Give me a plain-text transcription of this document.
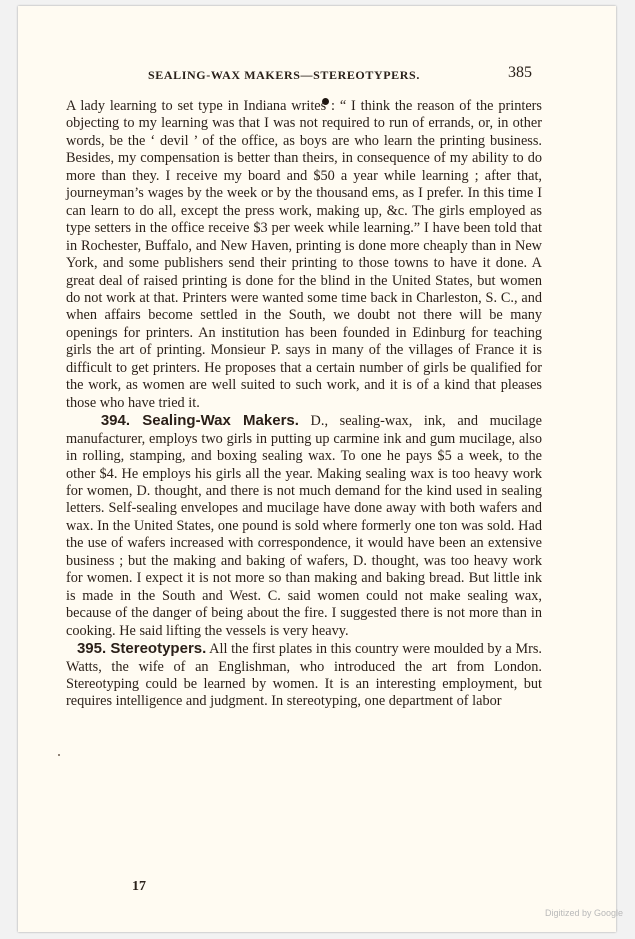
SEALING-WAX MAKERS—STEREOTYPERS.	385

A lady learning to set type in Indiana writes : “ I think the reason of the printers objecting to my learning was that I was not required to run of errands, or, in other words, be the ‘ devil ’ of the office, as boys are who learn the printing business. Besides, my compensation is better than theirs, in consequence of my ability to do more than they. I receive my board and $50 a year while learning ; after that, journeyman’s wages by the week or by the thousand ems, as I prefer. In this time I can learn to do all, except the press work, making up, &c. The girls employed as type setters in the office receive $3 per week while learning.” I have been told that in Rochester, Buffalo, and New Haven, printing is done more cheaply than in New York, and some publishers send their printing to those towns to have it done. A great deal of raised printing is done for the blind in the United States, but women do not work at that. Printers were wanted some time back in Charleston, S. C., and when affairs become settled in the South, we doubt not there will be many openings for printers. An institution has been founded in Edinburg for teaching girls the art of printing. Monsieur P. says in many of the villages of France it is difficult to get printers. He proposes that a certain number of girls be qualified for the work, as women are well suited to such work, and it is of a kind that pleases those who have tried it.

394. Sealing-Wax Makers. D., sealing-wax, ink, and mucilage manufacturer, employs two girls in putting up carmine ink and gum mucilage, also in rolling, stamping, and boxing sealing wax. To one he pays $5 a week, to the other $4. He employs his girls all the year. Making sealing wax is too heavy work for women, D. thought, and there is not much demand for the kind used in sealing letters. Self-sealing envelopes and mucilage have done away with both wafers and wax. In the United States, one pound is sold where formerly one ton was sold. Had the use of wafers increased with correspondence, it would have been an extensive business ; but the making and baking of wafers, D. thought, was too heavy work for women. I expect it is not more so than making and baking bread. But little ink is made in the South and West. C. said women could not make sealing wax, because of the danger of being about the fire. I suggested there is not more than in cooking. He said lifting the vessels is very heavy.

395. Stereotypers. All the first plates in this country were moulded by a Mrs. Watts, the wife of an Englishman, who introduced the art from London. Stereotyping could be learned by women. It is an interesting employment, but requires intelligence and judgment. In stereotyping, one department of labor

17
Digitized by Google
